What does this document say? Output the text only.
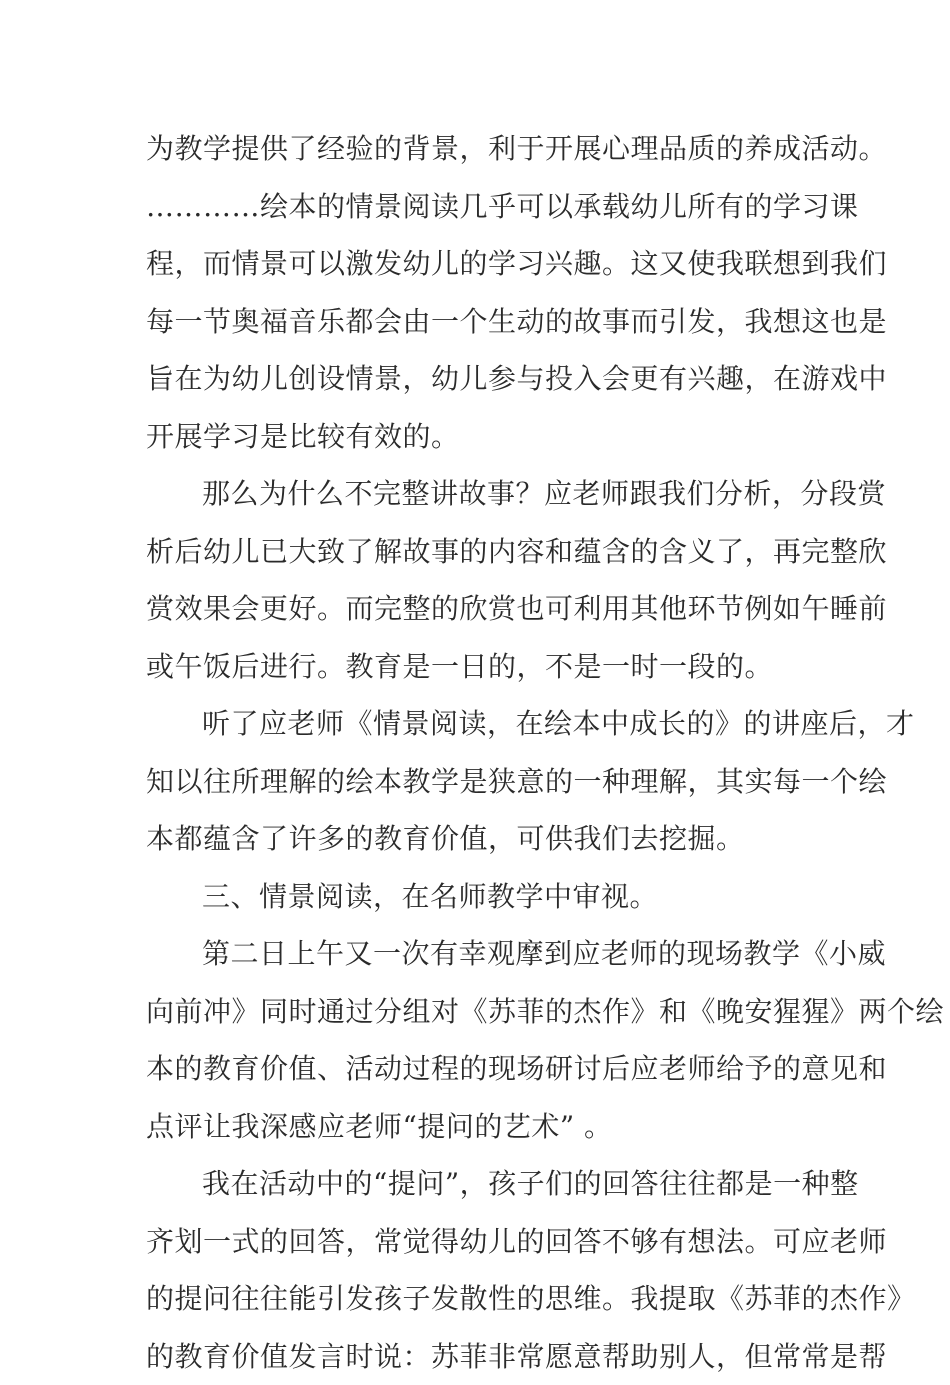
为教学提供了经验的背景，利于开展心理品质的养成活动。
…………绘本的情景阅读几乎可以承载幼儿所有的学习课
程，而情景可以激发幼儿的学习兴趣。这又使我联想到我们
每一节奥福音乐都会由一个生动的故事而引发，我想这也是
旨在为幼儿创设情景，幼儿参与投入会更有兴趣，在游戏中
开展学习是比较有效的。
那么为什么不完整讲故事？应老师跟我们分析，分段赏
析后幼儿已大致了解故事的内容和蕴含的含义了，再完整欣
赏效果会更好。而完整的欣赏也可利用其他环节例如午睡前
或午饭后进行。教育是一日的，不是一时一段的。
听了应老师《情景阅读，在绘本中成长的》的讲座后，才
知以往所理解的绘本教学是狭意的一种理解，其实每一个绘
本都蕴含了许多的教育价值，可供我们去挖掘。
三、情景阅读，在名师教学中审视。
第二日上午又一次有幸观摩到应老师的现场教学《小威
向前冲》同时通过分组对《苏菲的杰作》和《晚安猩猩》两个绘
本的教育价值、活动过程的现场研讨后应老师给予的意见和
点评让我深感应老师“提问的艺术” 。
我在活动中的“提问”，孩子们的回答往往都是一种整
齐划一式的回答，常觉得幼儿的回答不够有想法。可应老师
的提问往往能引发孩子发散性的思维。我提取《苏菲的杰作》
的教育价值发言时说：苏菲非常愿意帮助别人，但常常是帮
